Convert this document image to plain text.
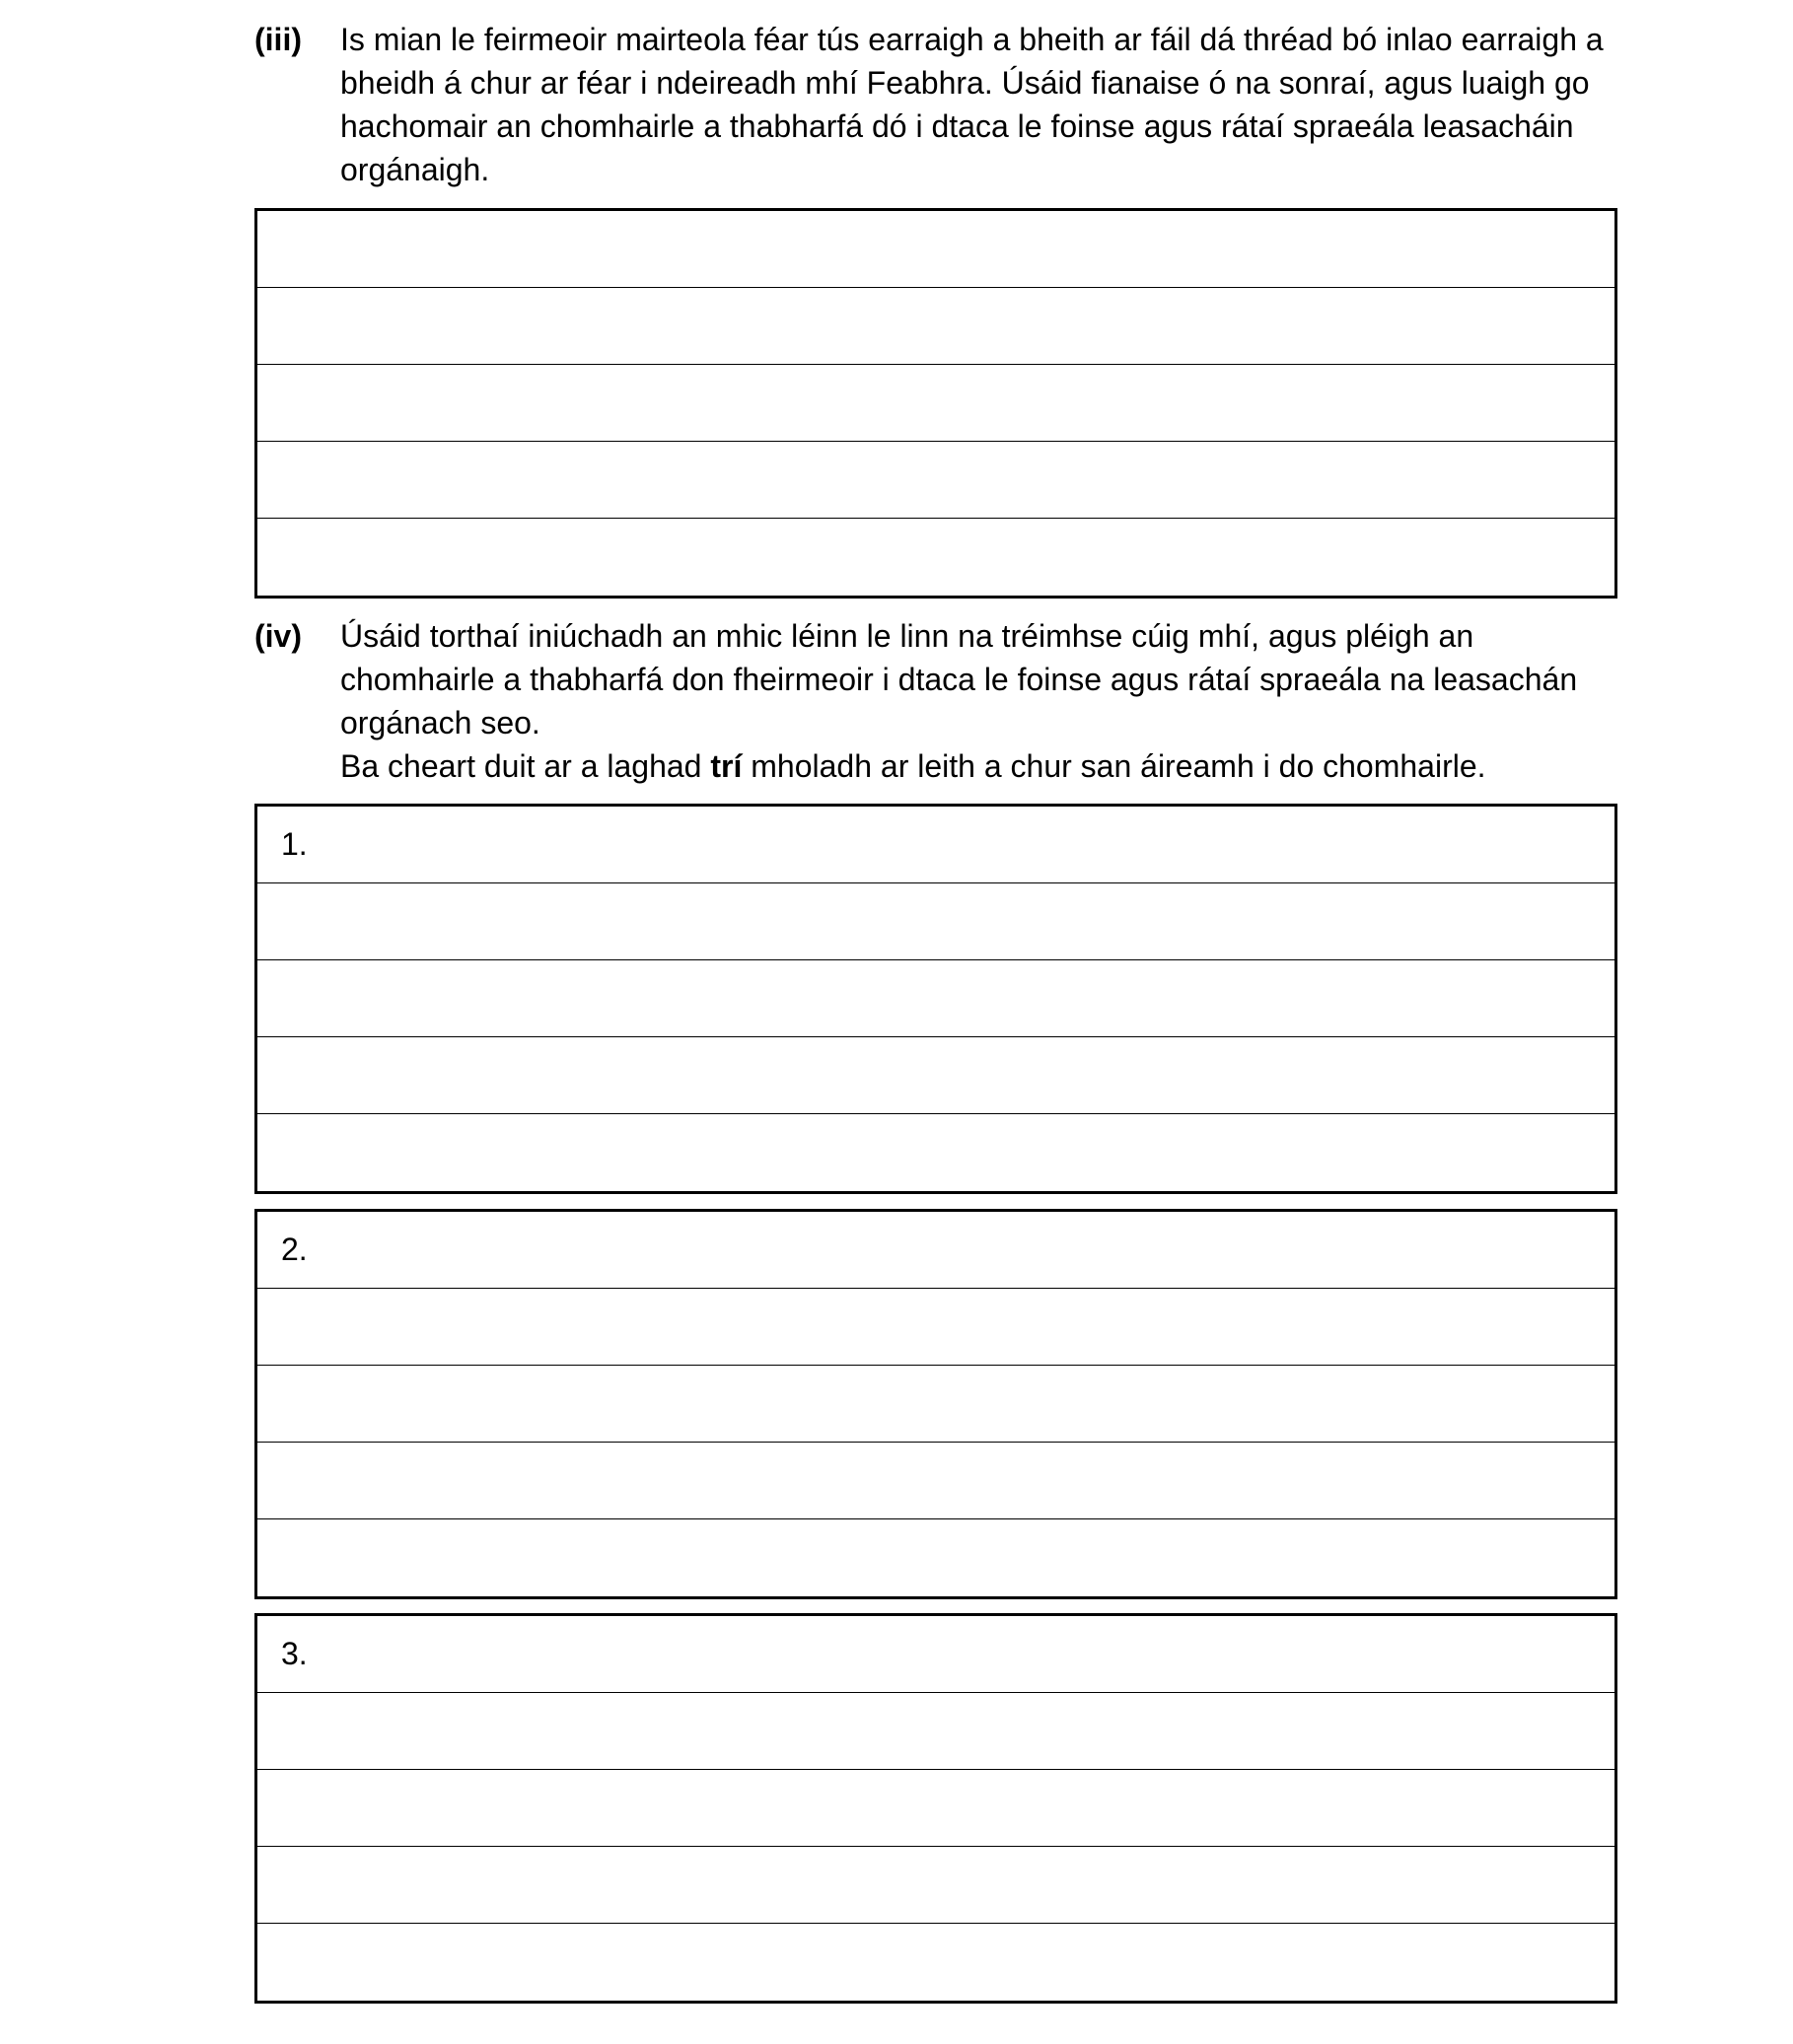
(iii) Is mian le feirmeoir mairteola féar tús earraigh a bheith ar fáil dá thréad bó inlao earraigh a bheidh á chur ar féar i ndeireadh mhí Feabhra. Úsáid fianaise ó na sonraí, agus luaigh go hachomair an chomhairle a thabharfá dó i dtaca le foinse agus rátaí spraeála leasacháin orgánaigh.

(iv) Úsáid torthaí iniúchadh an mhic léinn le linn na tréimhse cúig mhí, agus pléigh an chomhairle a thabharfá don fheirmeoir i dtaca le foinse agus rátaí spraeála na leasachán orgánach seo.

Ba cheart duit ar a laghad trí mholadh ar leith a chur san áireamh i do chomhairle.

1.
2.
3.
